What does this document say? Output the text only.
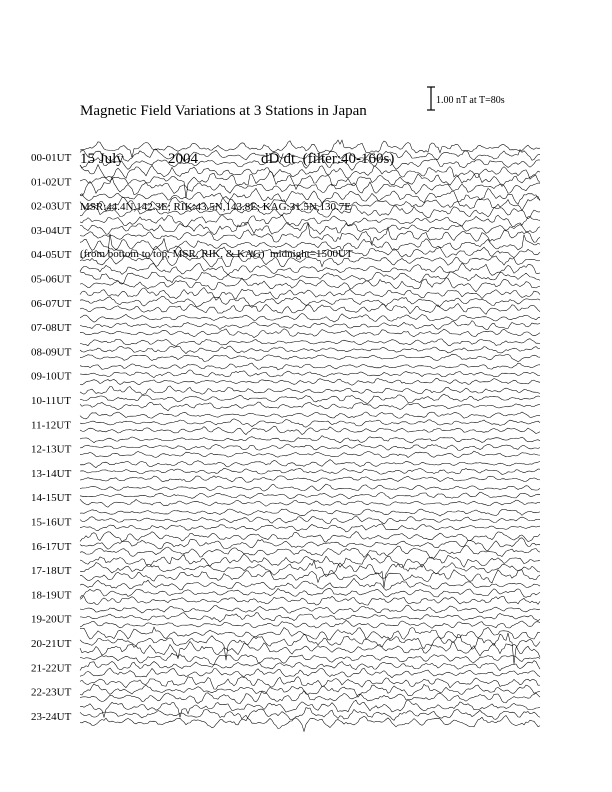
Magnetic Field Variations at 3 Stations in Japan

15 July	2004	dD/dt  (filter:40-160s)

MSR:44.4N,142.3E; RIK:43.5N,143.8E; KAG:31.5N,130.7E

(from bottom to top, MSR, RIK, & KAG)  midnight=1500UT

1.00 nT at T=80s
00-01UT
01-02UT
02-03UT
03-04UT
04-05UT
05-06UT
06-07UT
07-08UT
08-09UT
09-10UT
10-11UT
11-12UT
12-13UT
13-14UT
14-15UT
15-16UT
16-17UT
17-18UT
18-19UT
19-20UT
20-21UT
21-22UT
22-23UT
23-24UT
